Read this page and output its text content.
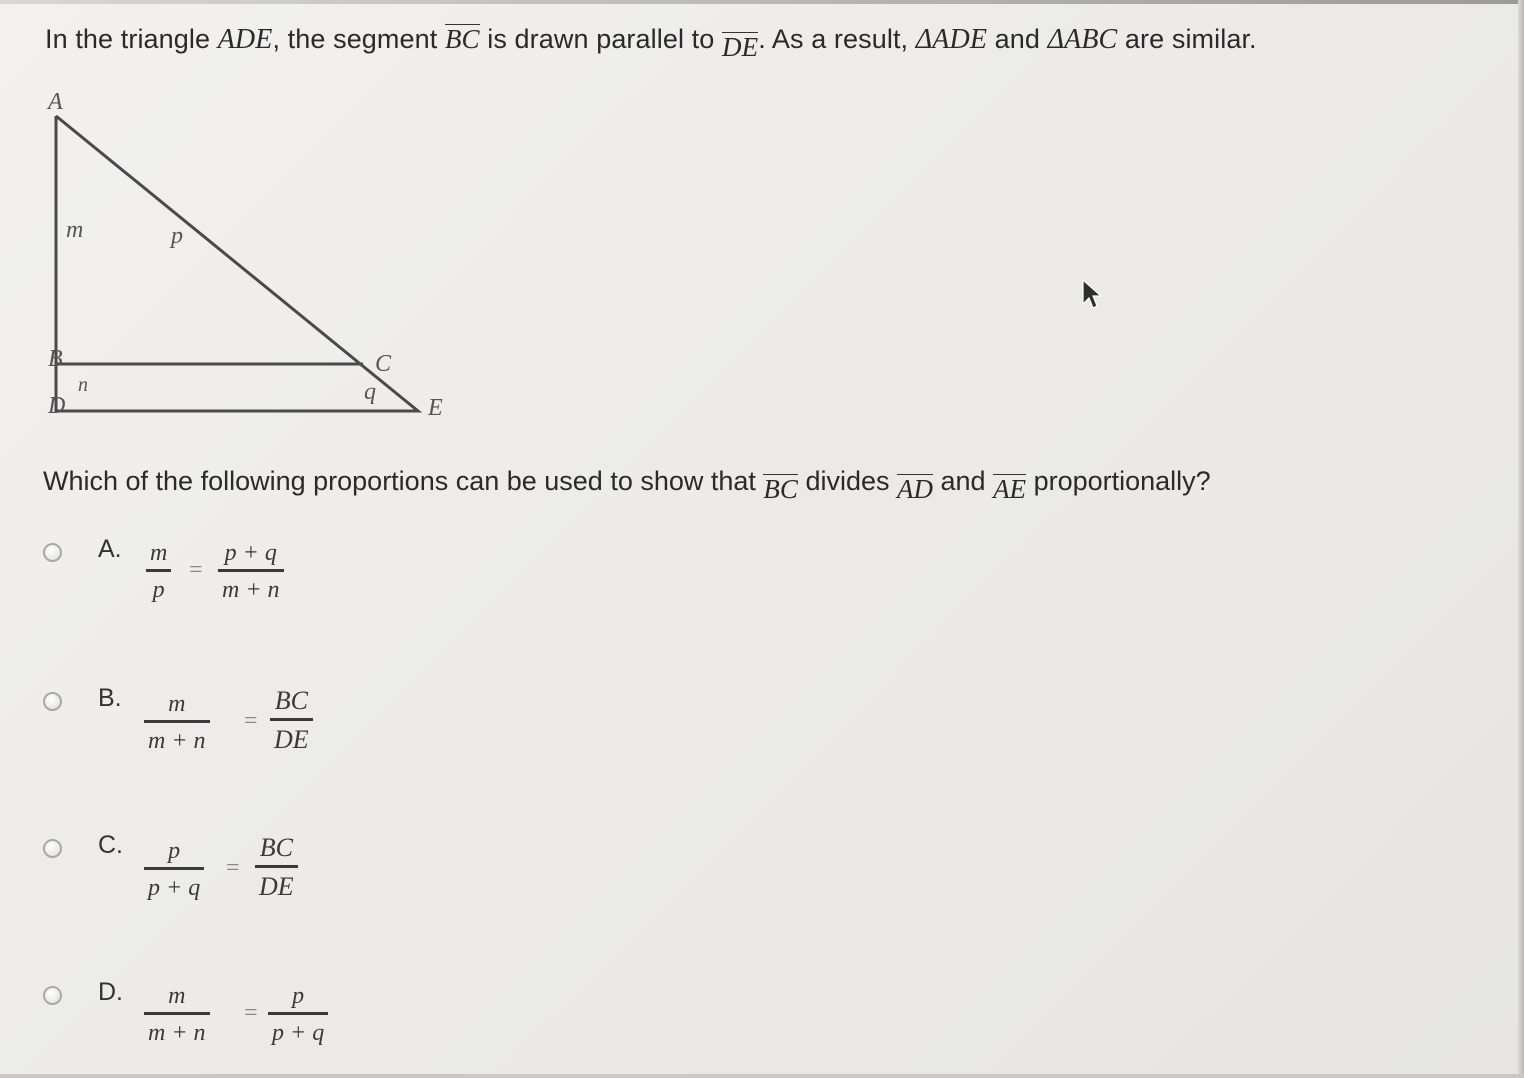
In the triangle ADE, the segment BC is drawn parallel to DE. As a result, ΔADE and ΔABC are similar.
A
B	C
D	E
m	p
n	q
Which of the following proportions can be used to show that BC divides AD and AE proportionally?
A. m
p
=
p + q
m + n
B. m
m + n
=
BC
DE
C. p
p + q
=
BC
DE
D. m
m + n
=
p
p + q
